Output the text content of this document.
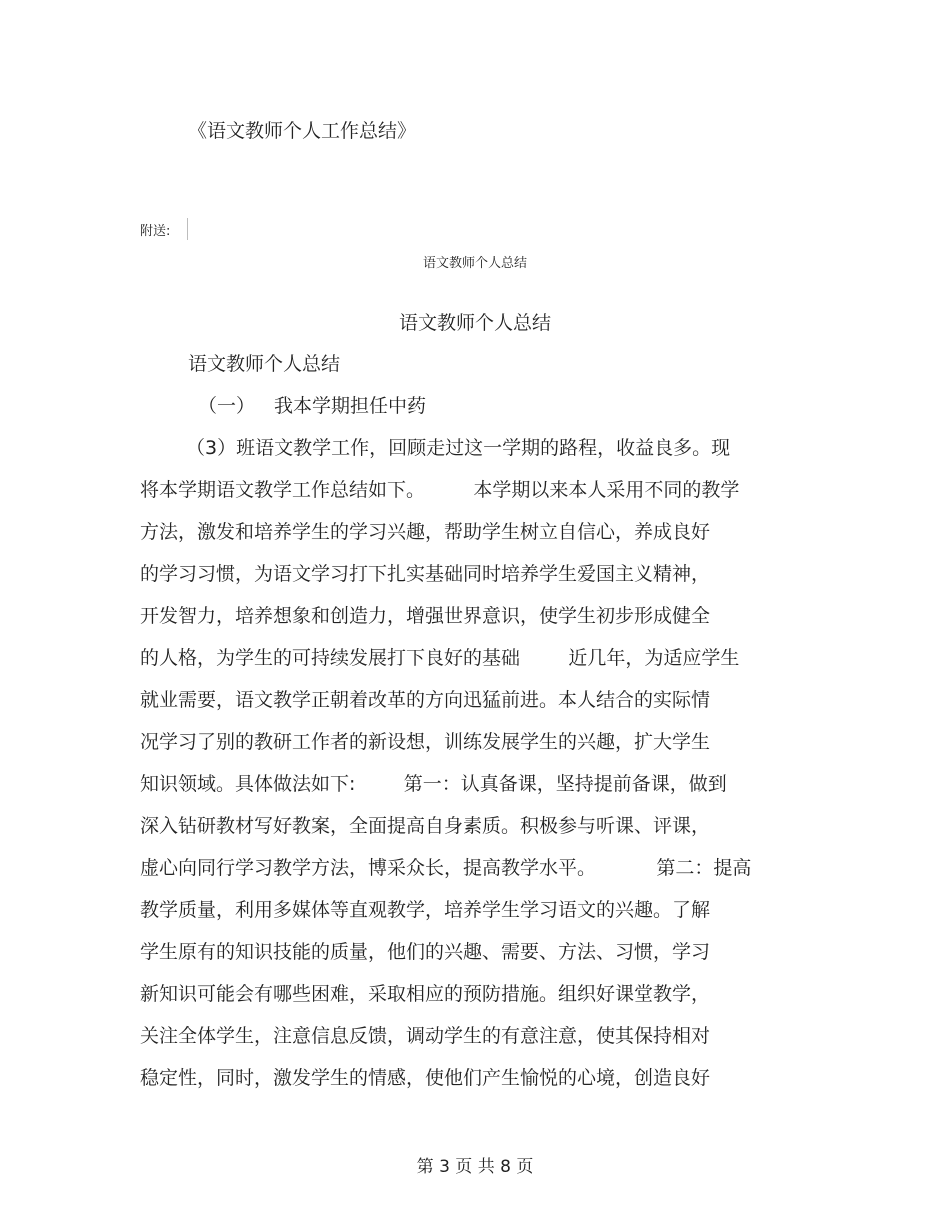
《语文教师个人工作总结》
附送:
语文教师个人总结
语文教师个人总结
语文教师个人总结
（一） 我本学期担任中药
（3）班语文教学工作，回顾走过这一学期的路程，收益良多。现
将本学期语文教学工作总结如下。        本学期以来本人采用不同的教学
方法，激发和培养学生的学习兴趣，帮助学生树立自信心，养成良好
的学习习惯，为语文学习打下扎实基础同时培养学生爱国主义精神，
开发智力，培养想象和创造力，增强世界意识，使学生初步形成健全
的人格，为学生的可持续发展打下良好的基础        近几年，为适应学生
就业需要，语文教学正朝着改革的方向迅猛前进。本人结合的实际情
况学习了别的教研工作者的新设想，训练发展学生的兴趣，扩大学生
知识领域。具体做法如下:        第一：认真备课，坚持提前备课，做到
深入钻研教材写好教案，全面提高自身素质。积极参与听课、评课，
虚心向同行学习教学方法，博采众长，提高教学水平。          第二：提高
教学质量，利用多媒体等直观教学，培养学生学习语文的兴趣。了解
学生原有的知识技能的质量，他们的兴趣、需要、方法、习惯，学习
新知识可能会有哪些困难，采取相应的预防措施。组织好课堂教学，
关注全体学生，注意信息反馈，调动学生的有意注意，使其保持相对
稳定性，同时，激发学生的情感，使他们产生愉悦的心境，创造良好
第 3 页 共 8 页
